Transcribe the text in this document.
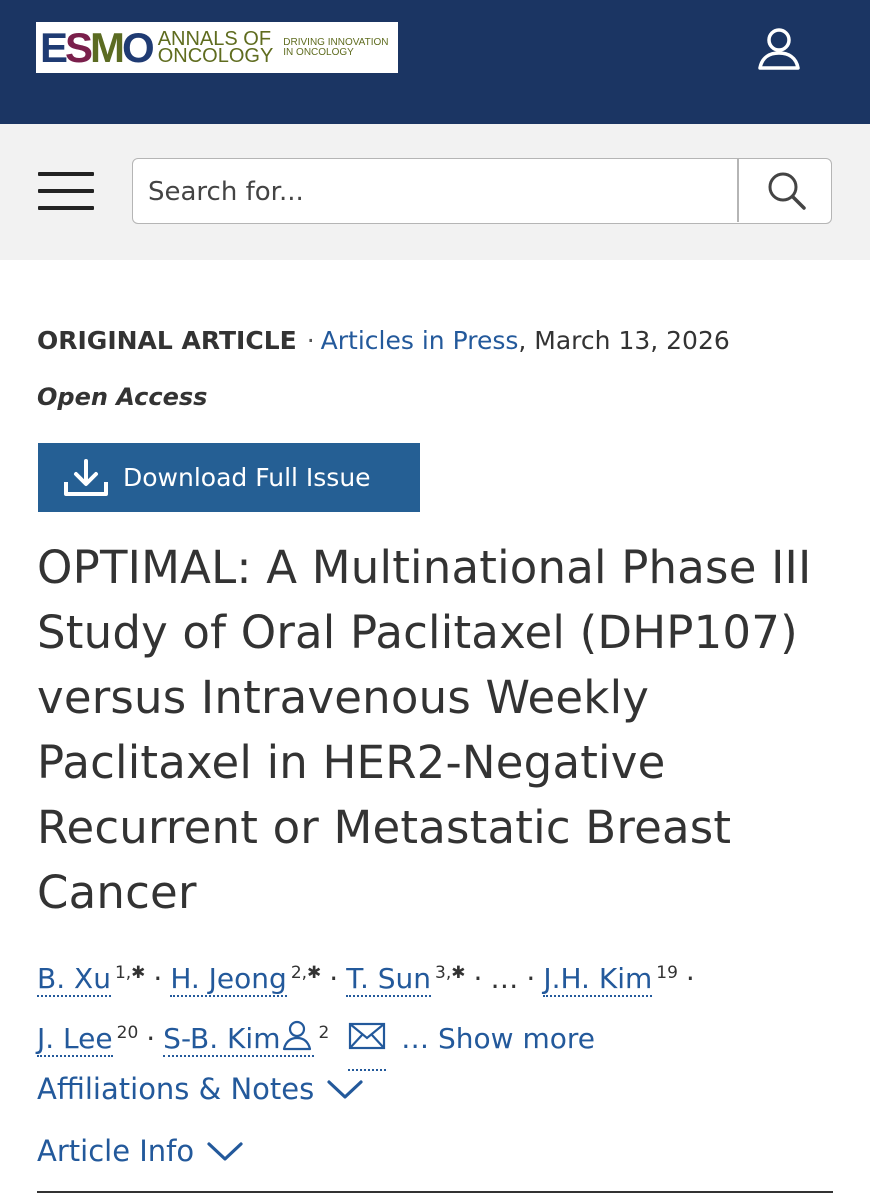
ESMO ANNALS OF
ONCOLOGY
DRIVING INNOVATION
IN ONCOLOGY
Search for...
ORIGINAL ARTICLE · Articles in Press, March 13, 2026
Open Access
Download Full Issue
OPTIMAL: A Multinational Phase III Study of Oral Paclitaxel (DHP107) versus Intravenous Weekly Paclitaxel in HER2-Negative Recurrent or Metastatic Breast Cancer
B. Xu $^{1,✱}$ · H. Jeong $^{2,✱}$ · T. Sun $^{3,✱}$ · … · J.H. Kim $^{19}$ ·
J. Lee $^{20}$ · S-B. Kim $^2$	… Show more
Affiliations & Notes
Article Info
